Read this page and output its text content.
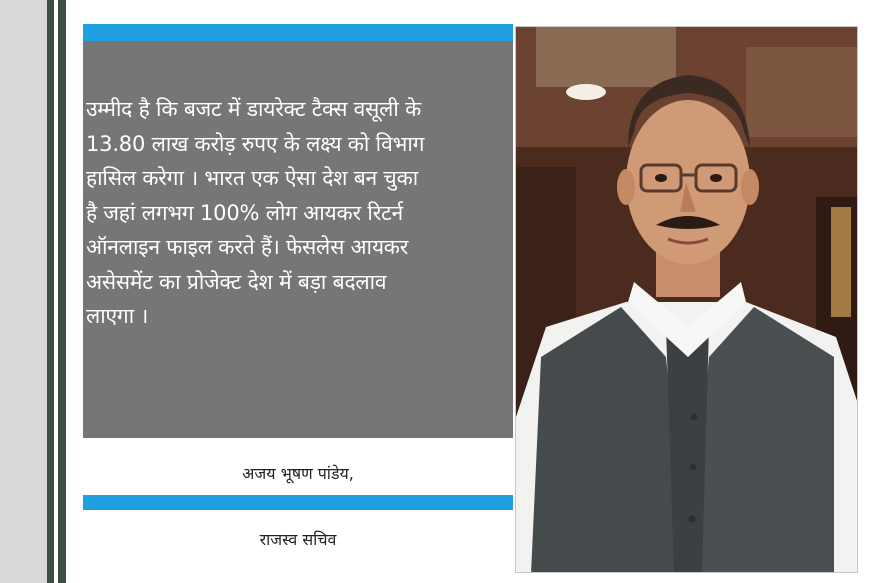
उम्मीद है कि बजट में डायरेक्ट टैक्स वसूली के
13.80 लाख करोड़ रुपए के लक्ष्य को विभाग
हासिल करेगा । भारत एक ऐसा देश बन चुका
है जहां लगभग 100% लोग आयकर रिटर्न
ऑनलाइन फाइल करते हैं। फेसलेस आयकर
असेसमेंट का प्रोजेक्ट देश में बड़ा बदलाव
लाएगा ।

अजय भूषण पांडेय,
राजस्व सचिव
